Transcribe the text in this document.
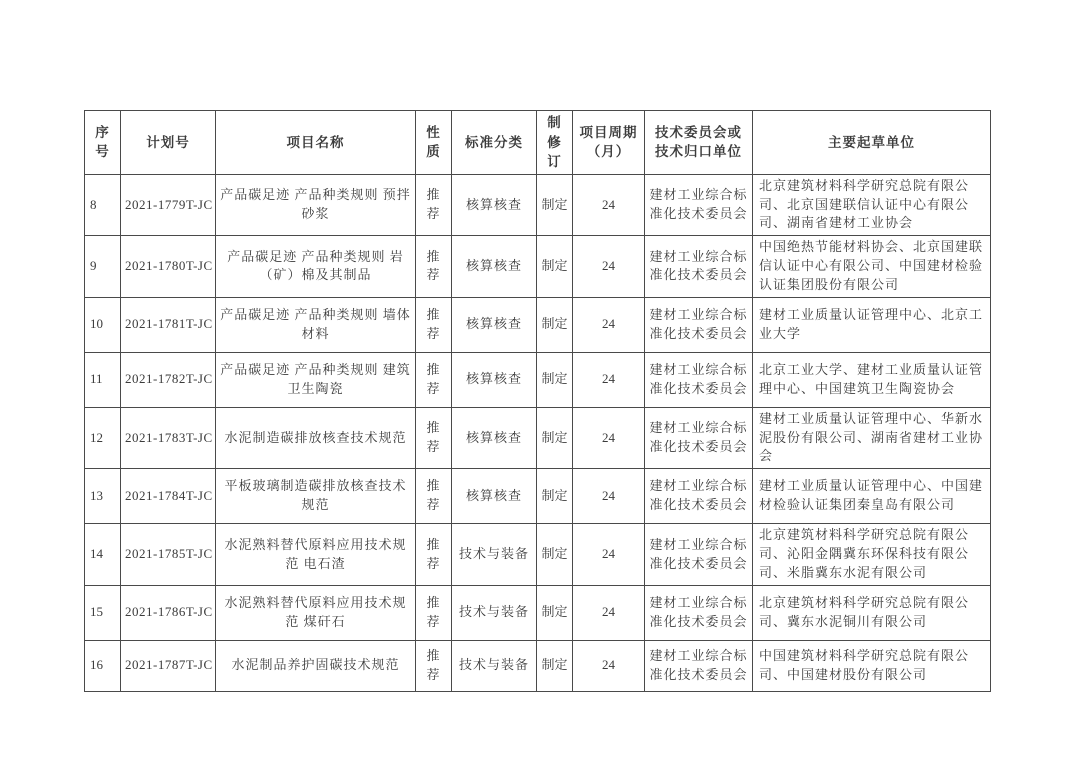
序号	计划号	项目名称	性质	标准分类	制修订	项目周期（月）	技术委员会或技术归口单位	主要起草单位
8	2021-1779T-JC	产品碳足迹 产品种类规则 预拌砂浆	推荐	核算核查	制定	24	建材工业综合标准化技术委员会	北京建筑材料科学研究总院有限公司、北京国建联信认证中心有限公司、湖南省建材工业协会
9	2021-1780T-JC	产品碳足迹 产品种类规则 岩（矿）棉及其制品	推荐	核算核查	制定	24	建材工业综合标准化技术委员会	中国绝热节能材料协会、北京国建联信认证中心有限公司、中国建材检验认证集团股份有限公司
10	2021-1781T-JC	产品碳足迹 产品种类规则 墙体材料	推荐	核算核查	制定	24	建材工业综合标准化技术委员会	建材工业质量认证管理中心、北京工业大学
11	2021-1782T-JC	产品碳足迹 产品种类规则 建筑卫生陶瓷	推荐	核算核查	制定	24	建材工业综合标准化技术委员会	北京工业大学、建材工业质量认证管理中心、中国建筑卫生陶瓷协会
12	2021-1783T-JC	水泥制造碳排放核查技术规范	推荐	核算核查	制定	24	建材工业综合标准化技术委员会	建材工业质量认证管理中心、华新水泥股份有限公司、湖南省建材工业协会
13	2021-1784T-JC	平板玻璃制造碳排放核查技术规范	推荐	核算核查	制定	24	建材工业综合标准化技术委员会	建材工业质量认证管理中心、中国建材检验认证集团秦皇岛有限公司
14	2021-1785T-JC	水泥熟料替代原料应用技术规范 电石渣	推荐	技术与装备	制定	24	建材工业综合标准化技术委员会	北京建筑材料科学研究总院有限公司、沁阳金隅冀东环保科技有限公司、米脂冀东水泥有限公司
15	2021-1786T-JC	水泥熟料替代原料应用技术规范 煤矸石	推荐	技术与装备	制定	24	建材工业综合标准化技术委员会	北京建筑材料科学研究总院有限公司、冀东水泥铜川有限公司
16	2021-1787T-JC	水泥制品养护固碳技术规范	推荐	技术与装备	制定	24	建材工业综合标准化技术委员会	中国建筑材料科学研究总院有限公司、中国建材股份有限公司
